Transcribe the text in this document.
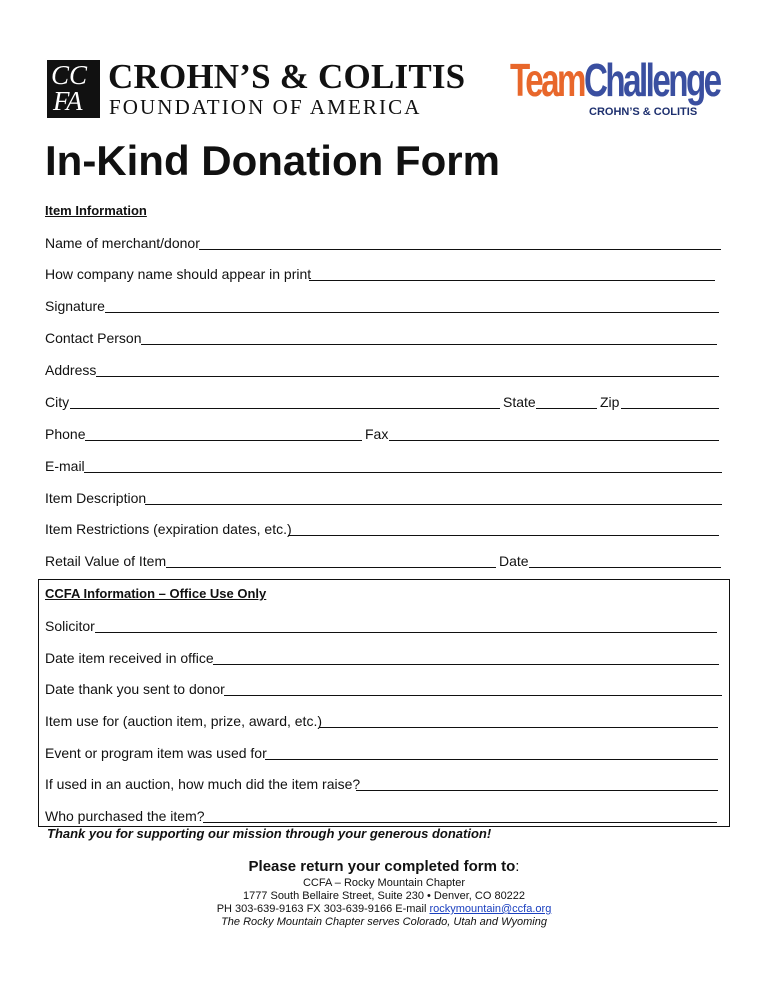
CC
FA
CROHN’S & COLITIS
FOUNDATION OF AMERICA
TeamChallenge
CROHN’S & COLITIS
In-Kind Donation Form
Item Information
Name of merchant/donor
How company name should appear in print
Signature
Contact Person
Address
City	State	Zip
Phone	Fax
E-mail
Item Description
Item Restrictions (expiration dates, etc.)
Retail Value of Item	Date
CCFA Information – Office Use Only
Solicitor
Date item received in office
Date thank you sent to donor
Item use for (auction item, prize, award, etc.)
Event or program item was used for
If used in an auction, how much did the item raise?
Who purchased the item?
Thank you for supporting our mission through your generous donation!
Please return your completed form to:
CCFA – Rocky Mountain Chapter
1777 South Bellaire Street, Suite 230 • Denver, CO 80222
PH 303-639-9163 FX 303-639-9166 E-mail rockymountain@ccfa.org
The Rocky Mountain Chapter serves Colorado, Utah and Wyoming
